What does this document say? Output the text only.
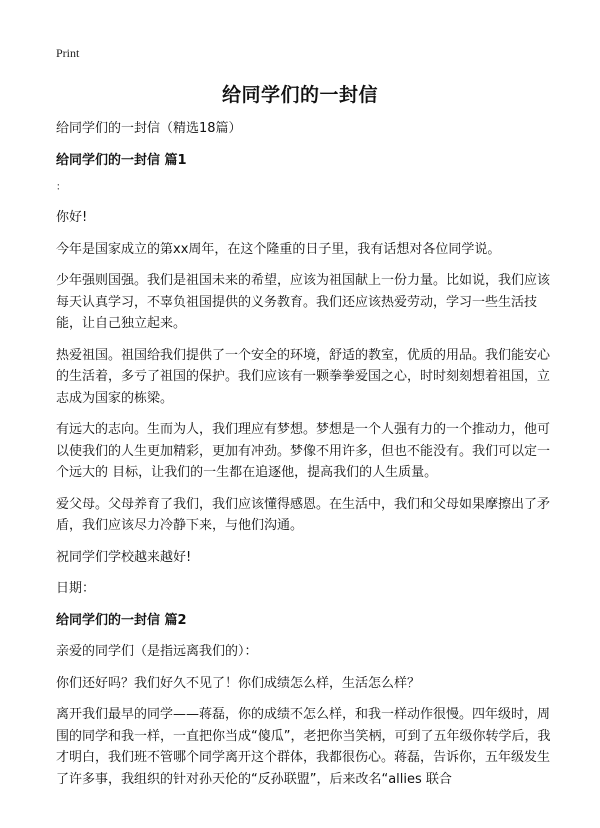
Print
给同学们的一封信

给同学们的一封信（精选18篇）

给同学们的一封信 篇1

：

你好!

今年是国家成立的第xx周年，在这个隆重的日子里，我有话想对各位同学说。

少年强则国强。我们是祖国未来的希望，应该为祖国献上一份力量。比如说，我们应该每天认真学习，不辜负祖国提供的义务教育。我们还应该热爱劳动，学习一些生活技能，让自己独立起来。

热爱祖国。祖国给我们提供了一个安全的环境，舒适的教室，优质的用品。我们能安心的生活着，多亏了祖国的保护。我们应该有一颗拳拳爱国之心，时时刻刻想着祖国，立志成为国家的栋梁。

有远大的志向。生而为人，我们理应有梦想。梦想是一个人强有力的一个推动力，他可以使我们的人生更加精彩，更加有冲劲。梦像不用许多，但也不能没有。我们可以定一个远大的 目标，让我们的一生都在追逐他，提高我们的人生质量。

爱父母。父母养育了我们，我们应该懂得感恩。在生活中，我们和父母如果摩擦出了矛盾，我们应该尽力冷静下来，与他们沟通。

祝同学们学校越来越好!

日期：

给同学们的一封信 篇2

亲爱的同学们（是指远离我们的）：

你们还好吗？我们好久不见了！你们成绩怎么样，生活怎么样？

离开我们最早的同学——蒋磊，你的成绩不怎么样，和我一样动作很慢。四年级时，周围的同学和我一样，一直把你当成“傻瓜”，老把你当笑柄，可到了五年级你转学后，我才明白，我们班不管哪个同学离开这个群体，我都很伤心。蒋磊，告诉你，五年级发生了许多事，我组织的针对孙天伦的“反孙联盟”，后来改名“allies 联合
